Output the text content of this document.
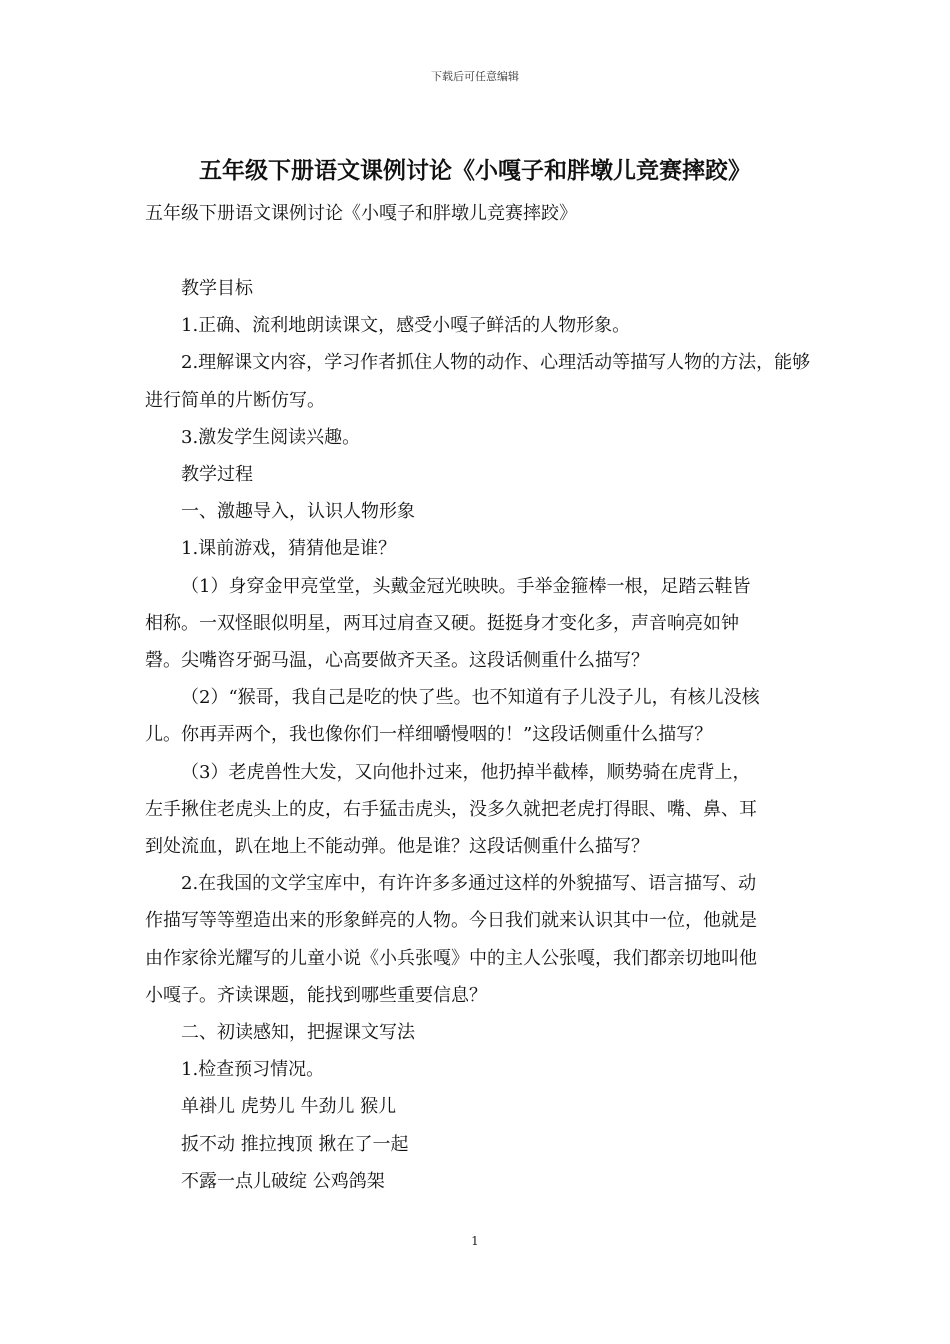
下载后可任意编辑
五年级下册语文课例讨论《小嘎子和胖墩儿竞赛摔跤》
五年级下册语文课例讨论《小嘎子和胖墩儿竞赛摔跤》

教学目标

1.正确、流利地朗读课文，感受小嘎子鲜活的人物形象。

2.理解课文内容，学习作者抓住人物的动作、心理活动等描写人物的方法，能够进行简单的片断仿写。

3.激发学生阅读兴趣。

教学过程

一、激趣导入，认识人物形象

1.课前游戏，猜猜他是谁？

（1）身穿金甲亮堂堂，头戴金冠光映映。手举金箍棒一根，足踏云鞋皆相称。一双怪眼似明星，两耳过肩查又硬。挺挺身才变化多，声音响亮如钟磬。尖嘴咨牙弼马温，心高要做齐天圣。这段话侧重什么描写？

（2）“猴哥，我自己是吃的快了些。也不知道有子儿没子儿，有核儿没核儿。你再弄两个，我也像你们一样细嚼慢咽的！”这段话侧重什么描写？

（3）老虎兽性大发，又向他扑过来，他扔掉半截棒，顺势骑在虎背上，左手揪住老虎头上的皮，右手猛击虎头，没多久就把老虎打得眼、嘴、鼻、耳到处流血，趴在地上不能动弹。他是谁？这段话侧重什么描写？

2.在我国的文学宝库中，有许许多多通过这样的外貌描写、语言描写、动作描写等等塑造出来的形象鲜亮的人物。今日我们就来认识其中一位，他就是由作家徐光耀写的儿童小说《小兵张嘎》中的主人公张嘎，我们都亲切地叫他小嘎子。齐读课题，能找到哪些重要信息？

二、初读感知，把握课文写法

1.检查预习情况。

单褂儿 虎势儿 牛劲儿 猴儿

扳不动 推拉拽顶 揪在了一起

不露一点儿破绽 公鸡鸽架

1
